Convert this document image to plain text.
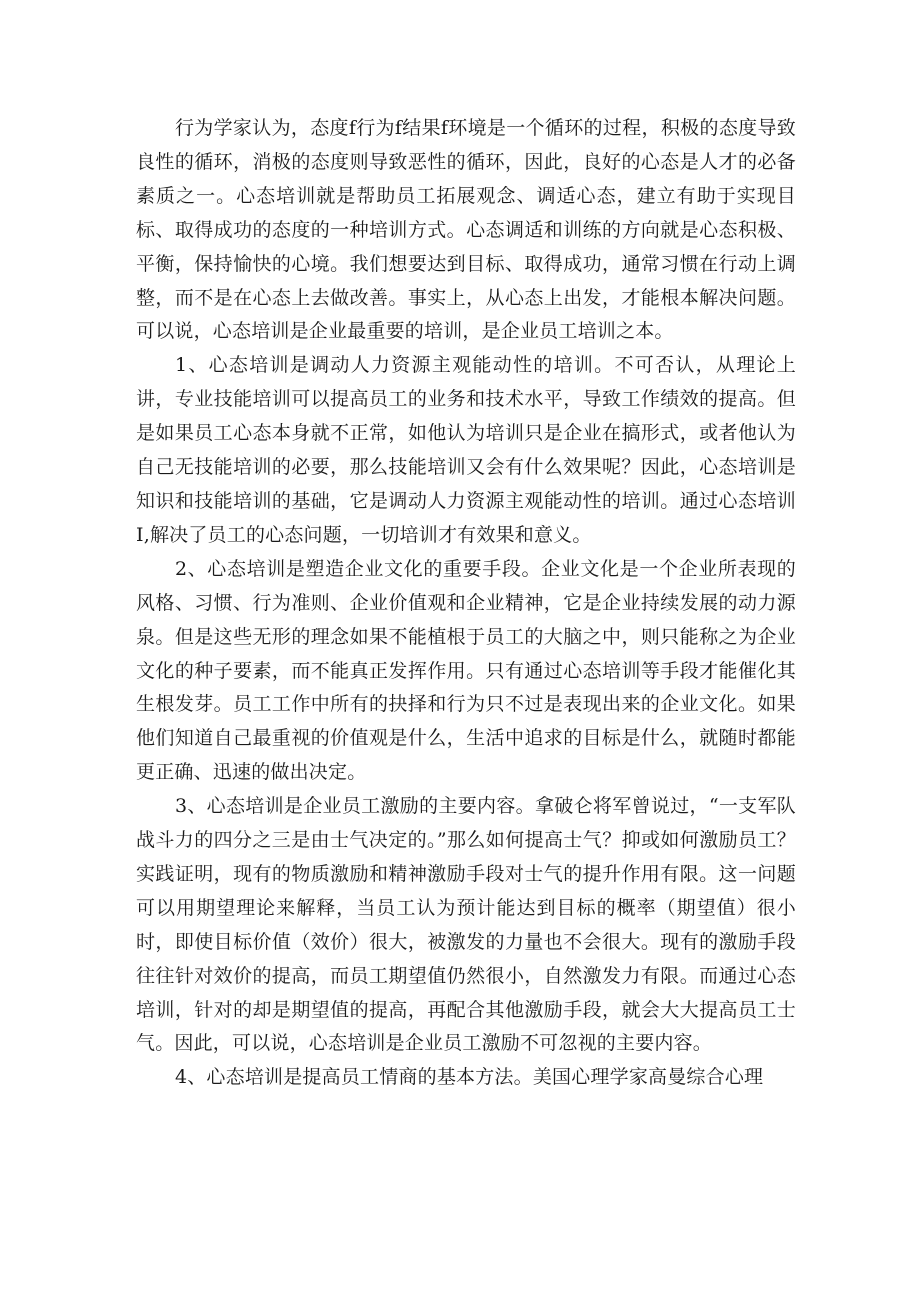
行为学家认为，态度f行为f结果f环境是一个循环的过程，积极的态度导致良性的循环，消极的态度则导致恶性的循环，因此，良好的心态是人才的必备素质之一。心态培训就是帮助员工拓展观念、调适心态，建立有助于实现目标、取得成功的态度的一种培训方式。心态调适和训练的方向就是心态积极、平衡，保持愉快的心境。我们想要达到目标、取得成功，通常习惯在行动上调整，而不是在心态上去做改善。事实上，从心态上出发，才能根本解决问题。可以说，心态培训是企业最重要的培训，是企业员工培训之本。

1、心态培训是调动人力资源主观能动性的培训。不可否认，从理论上讲，专业技能培训可以提高员工的业务和技术水平，导致工作绩效的提高。但是如果员工心态本身就不正常，如他认为培训只是企业在搞形式，或者他认为自己无技能培训的必要，那么技能培训又会有什么效果呢？因此，心态培训是知识和技能培训的基础，它是调动人力资源主观能动性的培训。通过心态培训I,解决了员工的心态问题，一切培训才有效果和意义。

2、心态培训是塑造企业文化的重要手段。企业文化是一个企业所表现的风格、习惯、行为准则、企业价值观和企业精神，它是企业持续发展的动力源泉。但是这些无形的理念如果不能植根于员工的大脑之中，则只能称之为企业文化的种子要素，而不能真正发挥作用。只有通过心态培训等手段才能催化其生根发芽。员工工作中所有的抉择和行为只不过是表现出来的企业文化。如果他们知道自己最重视的价值观是什么，生活中追求的目标是什么，就随时都能更正确、迅速的做出决定。

3、心态培训是企业员工激励的主要内容。拿破仑将军曾说过，“一支军队战斗力的四分之三是由士气决定的。”那么如何提高士气？抑或如何激励员工？实践证明，现有的物质激励和精神激励手段对士气的提升作用有限。这一问题可以用期望理论来解释，当员工认为预计能达到目标的概率（期望值）很小时，即使目标价值（效价）很大，被激发的力量也不会很大。现有的激励手段往往针对效价的提高，而员工期望值仍然很小，自然激发力有限。而通过心态培训，针对的却是期望值的提高，再配合其他激励手段，就会大大提高员工士气。因此，可以说，心态培训是企业员工激励不可忽视的主要内容。

4、心态培训是提高员工情商的基本方法。美国心理学家高曼综合心理
